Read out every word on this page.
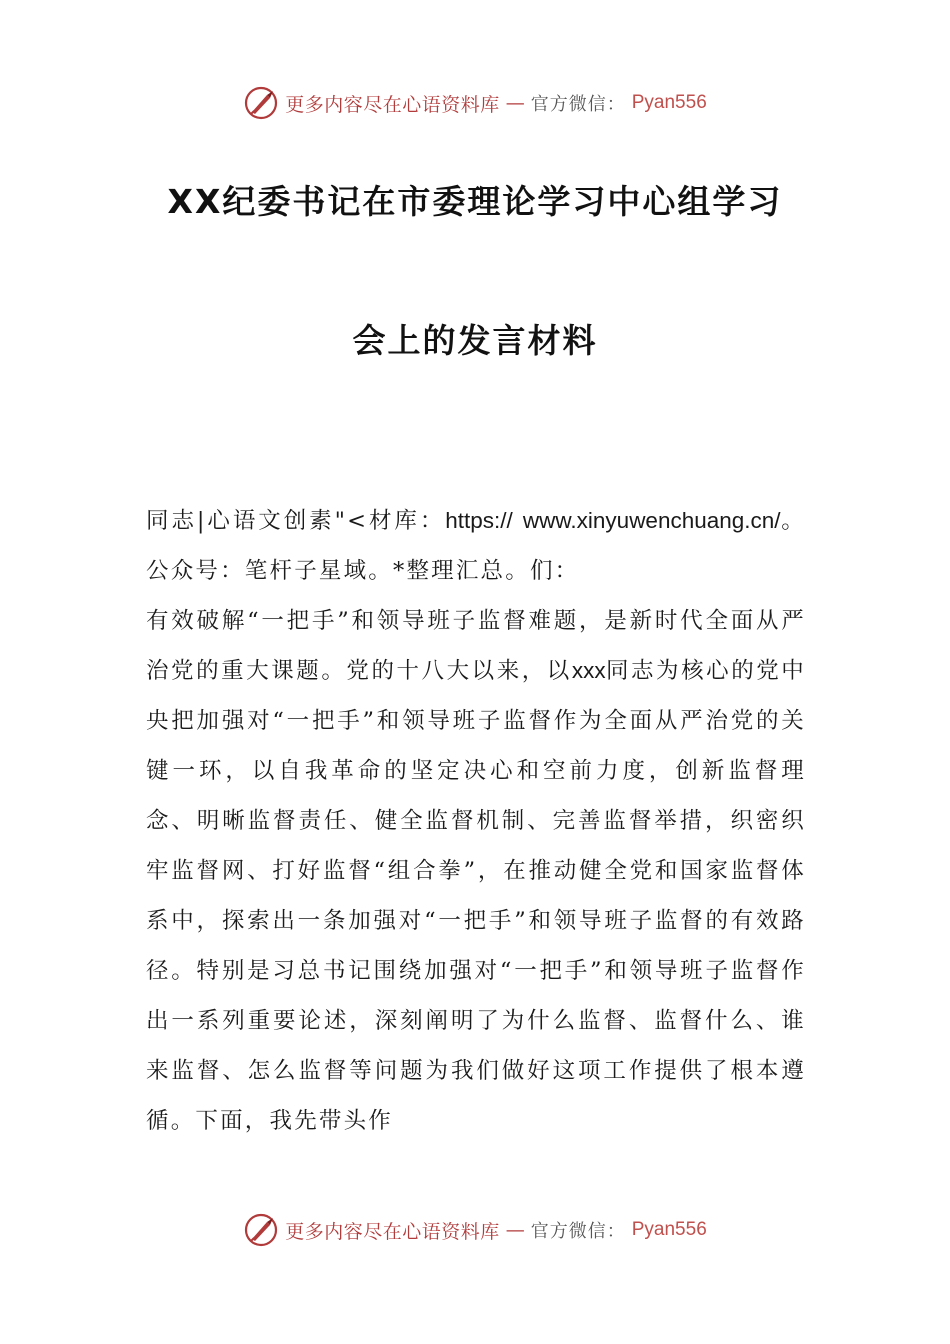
更多内容尽在心语资料库 — 官方微信： Pyan556
XX纪委书记在市委理论学习中心组学习
会上的发言材料

同志|心语文创素"<材库：https:// www.xinyuwenchuang.cn/。公众号：笔杆子星域。*整理汇总。们：

有效破解“一把手”和领导班子监督难题，是新时代全面从严治党的重大课题。党的十八大以来，以xxx同志为核心的党中央把加强对“一把手”和领导班子监督作为全面从严治党的关键一环，以自我革命的坚定决心和空前力度，创新监督理念、明晰监督责任、健全监督机制、完善监督举措，织密织牢监督网、打好监督“组合拳”，在推动健全党和国家监督体系中，探索出一条加强对“一把手”和领导班子监督的有效路径。特别是习总书记围绕加强对“一把手”和领导班子监督作出一系列重要论述，深刻阐明了为什么监督、监督什么、谁来监督、怎么监督等问题为我们做好这项工作提供了根本遵循。下面，我先带头作

更多内容尽在心语资料库 — 官方微信： Pyan556
